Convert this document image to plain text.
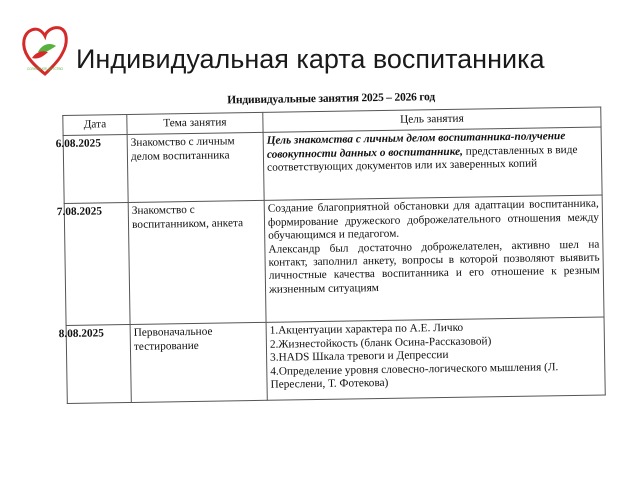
СОЛНЕЧНОЕ ДЕТСТВО Индивидуальная карта воспитанника
Индивидуальные занятия 2025 – 2026 год
Дата	Тема занятия	Цель занятия
6.08.2025	Знакомство с личным делом воспитанника	Цель знакомства с личным делом воспитанника-получение совокупности данных о воспитаннике, представленных в виде соответствующих документов или их заверенных копий
7.08.2025	Знакомство с воспитанником, анкета	Создание благоприятной обстановки для адаптации воспитанника, формирование дружеского доброжелательного отношения между обучающимся и педагогом.
Александр был достаточно доброжелателен, активно шел на контакт, заполнил анкету, вопросы в которой позволяют выявить личностные качества воспитанника и его отношение к резным жизненным ситуациям

8.08.2025	Первоначальное тестирование	1.Акцентуации характера по А.Е. Личко
2.Жизнестойкость (бланк Осина-Рассказовой)
3.HADS Шкала тревоги и Депрессии
4.Определение уровня словесно-логического мышления (Л. Переслени, Т. Фотекова)
